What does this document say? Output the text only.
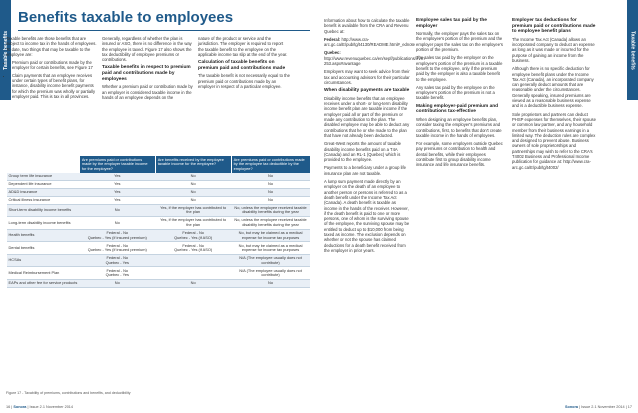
Taxable benefits
Benefits taxable to employees

Taxable benefits are those benefits that are subject to income tax in the hands of employees. To date, two things that may be taxable to the employee are:

• Premium paid or contributions made by the employer for certain benefits, see Figure 17
• Claim payments that an employee receives under certain types of benefit plans, for instance, disability income benefit payments for which the premium was wholly or partially employer paid. This is tax in all provinces.

Generally, regardless of whether the plan is insured or ASO, there is no difference in the way the employee is taxed. Figure 17 also shows the tax deductibility of employee premiums or contributions.

Taxable benefits in respect to premium paid and contributions made by employees

Whether a premium paid or contribution made by an employer is considered taxable income in the hands of an employee depends on the

nature of the product or service and the jurisdiction. The employer is required to report the taxable benefit to the employee on the applicable income tax slip at the end of the year.

Calculation of taxable benefits on premium paid and contributions made

The taxable benefit is not necessarily equal to the premium paid or contributions made by an employer in respect of a particular employee.

	Are premiums paid or contributions made by the employer taxable income for the employee?	Are benefits received by the employee taxable income for the employee?	Are premiums paid or contributions made by the employee tax deductible by the employee?
Group term life insurance	Yes	No	No
Dependent life insurance	Yes	No	No
AD&D insurance	Yes	No	No
Critical illness insurance	Yes	No	No
Short-term disability income benefits	No	Yes, if the employer has contributed to the plan	No, unless the employee received taxable disability benefits during the year
Long-term disability income benefits	No	Yes, if the employer has contributed to the plan	No, unless the employee received taxable disability benefits during the year
Health benefits	Federal - No
Quebec - Yes (if insured premium)	Federal - No
Quebec - Yes (if ASO)	No, but may be claimed as a medical expense for income tax purposes
Dental benefits	Federal - No
Quebec - Yes (if insured premium)	Federal - No
Quebec - Yes (if ASO)	No, but may be claimed as a medical expense for income tax purposes
HCSAs	Federal - No
Quebec - Yes		N/A (The employee usually does not contribute)
Medical Reimbursement Plan	Federal - No
Quebec - Yes		N/A (The employee usually does not contribute)
EAPs and other fee for service products	No	No	No
Figure 17 - Taxability of premiums, contributions and benefits, and deductibility
16 | Sonora | Issue 2.1 November 2014
Taxable benefits

Information about how to calculate the taxable benefit is available from the CRA and Revenu Quebec at:

Federal: http://www.cra-arc.gc.ca/E/pub/tg/t4130/README.html#_ednote

Quebec: http://www.revenuquebec.ca/en/sepf/publications/rn/rn-253.aspx#avantage

Employers may want to seek advice from their tax and accounting advisors for their particular circumstances.

When disability payments are taxable

Disability income benefits that an employee receives under a short- or long-term disability income benefit plan are taxable income if the employer paid all or part of the premium or made any contribution to the plan. The disabled employee may be able to deduct any contributions that he or she made to the plan that have not already been deducted.

Great-West reports the amount of taxable disability income benefits paid on a T4A (Canada) and an RL-1 (Quebec) which is provided to the employee.

Payments to a beneficiary under a group life insurance plan are not taxable.

A lump sum payment made directly by an employer on the death of an employee to another person or persons is referred to as a death benefit under the Income Tax Act (Canada). A death benefit is taxable as income in the hands of the receiver. However, if the death benefit is paid to one or more persons, one of whom is the surviving spouse of the employee, the surviving spouse may be entitled to deduct up to $10,000 from being taxed as income. The exclusion depends on whether or not the spouse has claimed deductions for a death benefit received from the employer in prior years.

Employee sales tax paid by the employer

Normally, the employer pays the sales tax on the employee's portion of the premium and the employer pays the sales tax on the employee's portion of the premium.

The sales tax paid by the employer on the employee's portion of the premium is a taxable benefit to the employee, only if the premium paid by the employer is also a taxable benefit to the employee.

Any sales tax paid by the employee on the employee's portion of the premium is not a taxable benefit.

Making employer-paid premium and contributions tax-effective

When designing an employee benefits plan, consider taxing the employer's premiums and contributions, first, to benefits that don't create taxable income in the hands of employees.

For example, some employers outside Quebec pay premiums or contribution to health and dental benefits, while their employees contribute first to group disability income insurance and life insurance benefits.

Employer tax deductions for premium paid or contributions made to employee benefit plans

The Income Tax Act (Canada) allows an incorporated company to deduct an expense as long as it was made or incurred for the purpose of gaining an income from the business.

Although there is no specific deduction for employee benefit plans under the Income Tax Act (Canada), an incorporated company can generally deduct amounts that are reasonable under the circumstances. Generally speaking, insured premiums are viewed as a reasonable business expense and is a deductible business expense.

Sole proprietors and partners can deduct PHSP expenses for themselves, their spouse or common law partner, and any household member from their business earnings in a limited way. The deduction rules are complex and designed to prevent abuse. Business owners of sole proprietorships and partnerships may wish to refer to the CRA's T4002 Business and Professional Income publication for guidance at: http://www.cra-arc.gc.ca/E/pub/tg/t4002/

Sonora | Issue 2.1 November 2014 | 17
